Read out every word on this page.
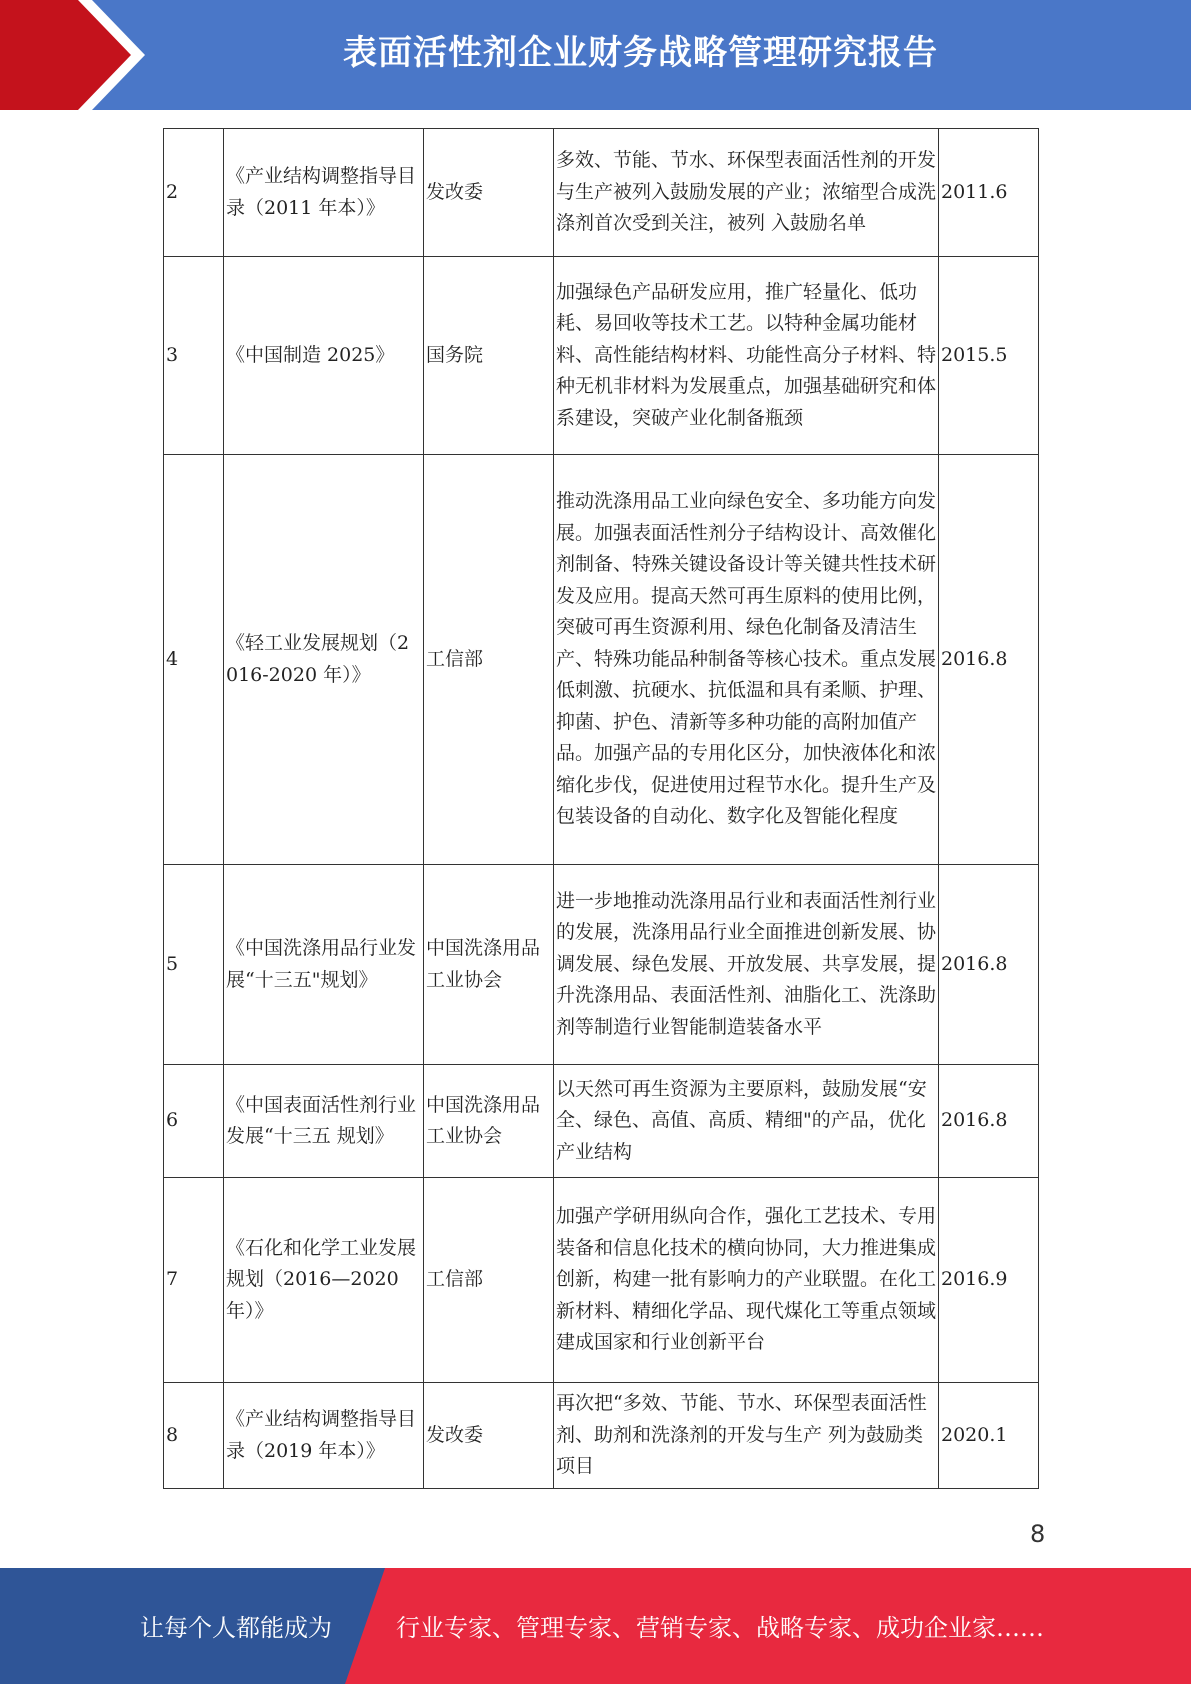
表面活性剂企业财务战略管理研究报告
2	《产业结构调整指导目录（2011 年本）》	发改委	多效、节能、节水、环保型表面活性剂的开发与生产被列入鼓励发展的产业；浓缩型合成洗涤剂首次受到关注，被列 入鼓励名单	2011.6
3	《中国制造 2025》	国务院	加强绿色产品研发应用，推广轻量化、低功耗、易回收等技术工艺。以特种金属功能材料、高性能结构材料、功能性高分子材料、特种无机非材料为发展重点，加强基础研究和体系建设，突破产业化制备瓶颈	2015.5
4	《轻工业发展规划（2016-2020 年）》	工信部	推动洗涤用品工业向绿色安全、多功能方向发展。加强表面活性剂分子结构设计、高效催化剂制备、特殊关键设备设计等关键共性技术研发及应用。提高天然可再生原料的使用比例，突破可再生资源利用、绿色化制备及清洁生产、特殊功能品种制备等核心技术。重点发展低刺激、抗硬水、抗低温和具有柔顺、护理、抑菌、护色、清新等多种功能的高附加值产品。加强产品的专用化区分，加快液体化和浓缩化步伐，促进使用过程节水化。提升生产及包装设备的自动化、数字化及智能化程度	2016.8
5	《中国洗涤用品行业发展“十三五"规划》	中国洗涤用品工业协会	进一步地推动洗涤用品行业和表面活性剂行业的发展，洗涤用品行业全面推进创新发展、协调发展、绿色发展、开放发展、共享发展，提升洗涤用品、表面活性剂、油脂化工、洗涤助剂等制造行业智能制造装备水平	2016.8
6	《中国表面活性剂行业发展“十三五 规划》	中国洗涤用品工业协会	以天然可再生资源为主要原料，鼓励发展“安全、绿色、高值、高质、精细"的产品，优化产业结构	2016.8
7	《石化和化学工业发展规划（2016—2020 年）》	工信部	加强产学研用纵向合作，强化工艺技术、专用装备和信息化技术的横向协同，大力推进集成创新，构建一批有影响力的产业联盟。在化工新材料、精细化学品、现代煤化工等重点领域建成国家和行业创新平台	2016.9
8	《产业结构调整指导目录（2019 年本）》	发改委	再次把“多效、节能、节水、环保型表面活性剂、助剂和洗涤剂的开发与生产 列为鼓励类项目	2020.1
8
让每个人都能成为	行业专家、管理专家、营销专家、战略专家、成功企业家……
